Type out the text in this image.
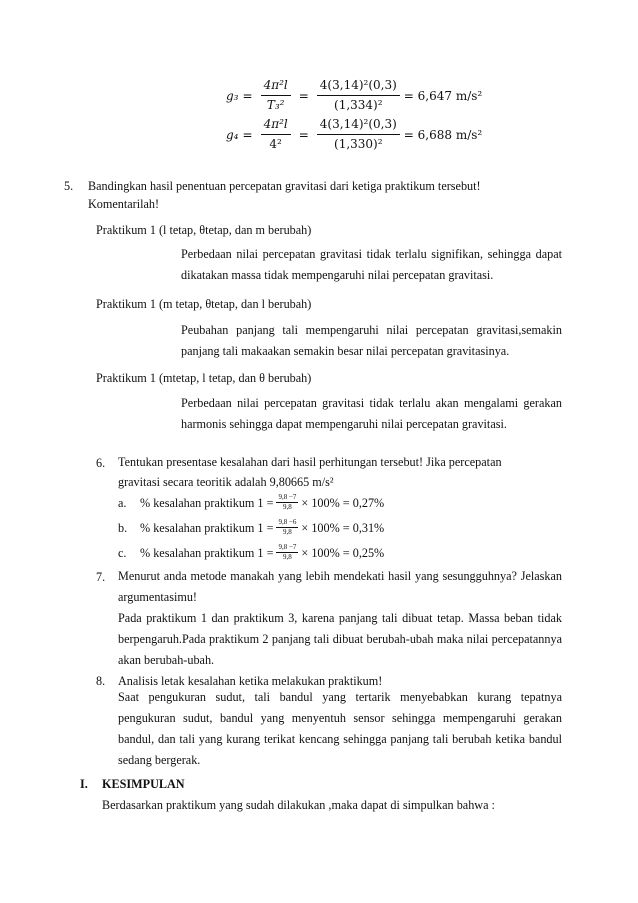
$g_3 = \frac{\text{4π²l}}{\text{T₃²}} = \frac{\text{4(3,14)²(0,3)}}{\text{(1,334)²}} = 6,647$ m/s²
$g_4 = \frac{\text{4π²l}}{\text{4²}} = \frac{\text{4(3,14)²(0,3)}}{\text{(1,330)²}} = 6,688$ m/s²
5. Bandingkan hasil penentuan percepatan gravitasi dari ketiga praktikum tersebut!
Komentarilah!
Praktikum 1 (l tetap, θtetap, dan m berubah)
Perbedaan nilai percepatan gravitasi tidak terlalu signifikan, sehingga dapat dikatakan massa tidak mempengaruhi nilai percepatan gravitasi.
Praktikum 1 (m tetap, θtetap, dan l berubah)
Peubahan panjang tali mempengaruhi nilai percepatan gravitasi,semakin panjang tali makaakan semakin besar nilai percepatan gravitasinya.
Praktikum 1 (mtetap, l tetap, dan θ berubah)
Perbedaan nilai percepatan gravitasi tidak terlalu akan mengalami gerakan harmonis sehingga dapat mempengaruhi nilai percepatan gravitasi.
6. Tentukan presentase kesalahan dari hasil perhitungan tersebut! Jika percepatan
gravitasi secara teoritik adalah 9,80665 m/s²
a.	% kesalahan praktikum $1 = \frac{9,8 -7}{9,8} \times 100\% = 0,27\%$
b.	% kesalahan praktikum $1 = \frac{9,8 -6}{9,8} \times 100\% = 0,31\%$
c.	% kesalahan praktikum $1 = \frac{9,8 -7}{9,8} \times 100\% = 0,25\%$
7. Menurut anda metode manakah yang lebih mendekati hasil yang sesungguhnya? Jelaskan argumentasimu!
Pada praktikum 1 dan praktikum 3, karena panjang tali dibuat tetap. Massa beban tidak berpengaruh.Pada praktikum 2 panjang tali dibuat berubah-ubah maka nilai percepatannya akan berubah-ubah.
8. Analisis letak kesalahan ketika melakukan praktikum!
Saat pengukuran sudut, tali bandul yang tertarik menyebabkan kurang tepatnya pengukuran sudut, bandul yang menyentuh sensor sehingga mempengaruhi gerakan bandul, dan tali yang kurang terikat kencang sehingga panjang tali berubah ketika bandul sedang bergerak.
I. KESIMPULAN
Berdasarkan praktikum yang sudah dilakukan ,maka dapat di simpulkan bahwa :
